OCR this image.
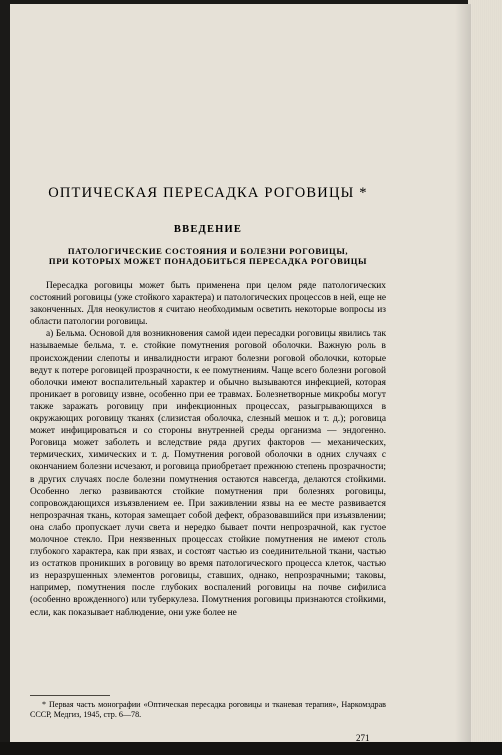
ОПТИЧЕСКАЯ ПЕРЕСАДКА РОГОВИЦЫ *
ВВЕДЕНИЕ
ПАТОЛОГИЧЕСКИЕ СОСТОЯНИЯ И БОЛЕЗНИ РОГОВИЦЫ,
ПРИ КОТОРЫХ МОЖЕТ ПОНАДОБИТЬСЯ ПЕРЕСАДКА РОГОВИЦЫ

Пересадка роговицы может быть применена при целом ряде патологических состояний роговицы (уже стойкого характера) и патологических процессов в ней, еще не законченных. Для неокулистов я считаю необходимым осветить некоторые вопросы из области патологии роговицы.

а) Бельма. Основой для возникновения самой идеи пересадки роговицы явились так называемые бельма, т. е. стойкие помутнения роговой оболочки. Важную роль в происхождении слепоты и инвалидности играют болезни роговой оболочки, которые ведут к потере роговицей прозрачности, к ее помутнениям. Чаще всего болезни роговой оболочки имеют воспалительный характер и обычно вызываются инфекцией, которая проникает в роговицу извне, особенно при ее травмах. Болезнетворные микробы могут также заражать роговицу при инфекционных процессах, разыгрывающихся в окружающих роговицу тканях (слизистая оболочка, слезный мешок и т. д.); роговица может инфицироваться и со стороны внутренней среды организма — эндогенно. Роговица может заболеть и вследствие ряда других факторов — механических, термических, химических и т. д. Помутнения роговой оболочки в одних случаях с окончанием болезни исчезают, и роговица приобретает прежнюю степень прозрачности; в других случаях после болезни помутнения остаются навсегда, делаются стойкими. Особенно легко развиваются стойкие помутнения при болезнях роговицы, сопровождающихся изъязвлением ее. При заживлении язвы на ее месте развивается непрозрачная ткань, которая замещает собой дефект, образовавшийся при изъязвлении; она слабо пропускает лучи света и нередко бывает почти непрозрачной, как густое молочное стекло. При неязвенных процессах стойкие помутнения не имеют столь глубокого характера, как при язвах, и состоят частью из соединительной ткани, частью из остатков проникших в роговицу во время патологического процесса клеток, частью из неразрушенных элементов роговицы, ставших, однако, непрозрачными; таковы, например, помутнения после глубоких воспалений роговицы на почве сифилиса (особенно врожденного) или туберкулеза. Помутнения роговицы признаются стойкими, если, как показывает наблюдение, они уже более не

* Первая часть монографии «Оптическая пересадка роговицы и тканевая терапия», Наркомздрав СССР, Медгиз, 1945, стр. 6—78.
271
